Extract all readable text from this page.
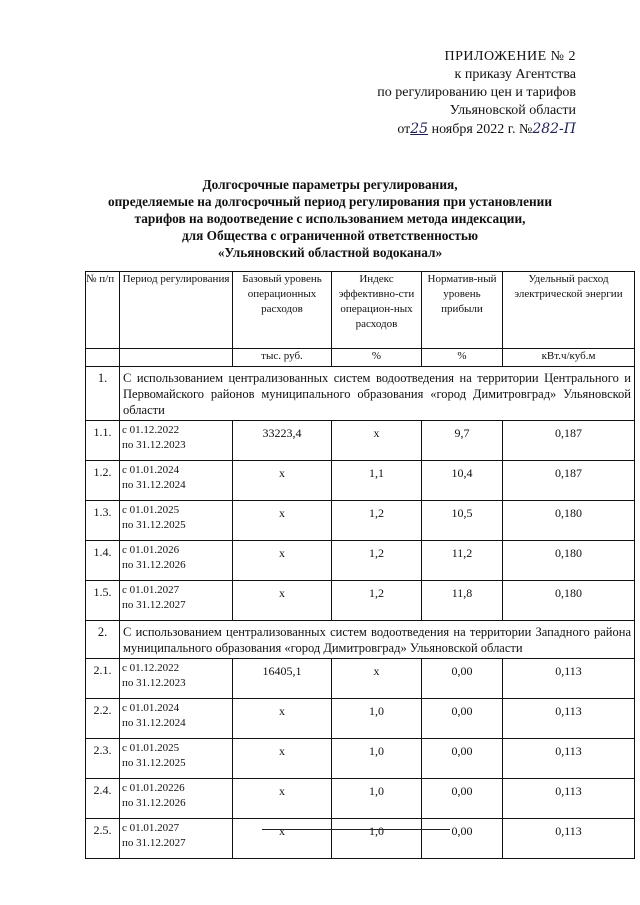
ПРИЛОЖЕНИЕ № 2
к приказу Агентства
по регулированию цен и тарифов
Ульяновской области
от25 ноября 2022 г. №282-П
Долгосрочные параметры регулирования,
определяемые на долгосрочный период регулирования при установлении
тарифов на водоотведение с использованием метода индексации,
для Общества с ограниченной ответственностью
«Ульяновский областной водоканал»
№ п/п	Период регулирования	Базовый уровень операционных расходов	Индекс эффективно-сти операцион-ных расходов	Норматив-ный уровень прибыли	Удельный расход электрической энергии
		тыс. руб.	%	%	кВт.ч/куб.м
1.	С использованием централизованных систем водоотведения на территории Центрального и Первомайского районов муниципального образования «город Димитровград» Ульяновской области				
1.1.	с 01.12.2022
по 31.12.2023	33223,4	х	9,7	0,187
1.2.	с 01.01.2024
по 31.12.2024	х	1,1	10,4	0,187
1.3.	с 01.01.2025
по 31.12.2025	х	1,2	10,5	0,180
1.4.	с 01.01.2026
по 31.12.2026	х	1,2	11,2	0,180
1.5.	с 01.01.2027
по 31.12.2027	х	1,2	11,8	0,180
2.	С использованием централизованных систем водоотведения на территории Западного района муниципального образования «город Димитровград» Ульяновской области				
2.1.	с 01.12.2022
по 31.12.2023	16405,1	х	0,00	0,113
2.2.	с 01.01.2024
по 31.12.2024	х	1,0	0,00	0,113
2.3.	с 01.01.2025
по 31.12.2025	х	1,0	0,00	0,113
2.4.	с 01.01.20226
по 31.12.2026	х	1,0	0,00	0,113
2.5.	с 01.01.2027
по 31.12.2027	х	1,0	0,00	0,113
